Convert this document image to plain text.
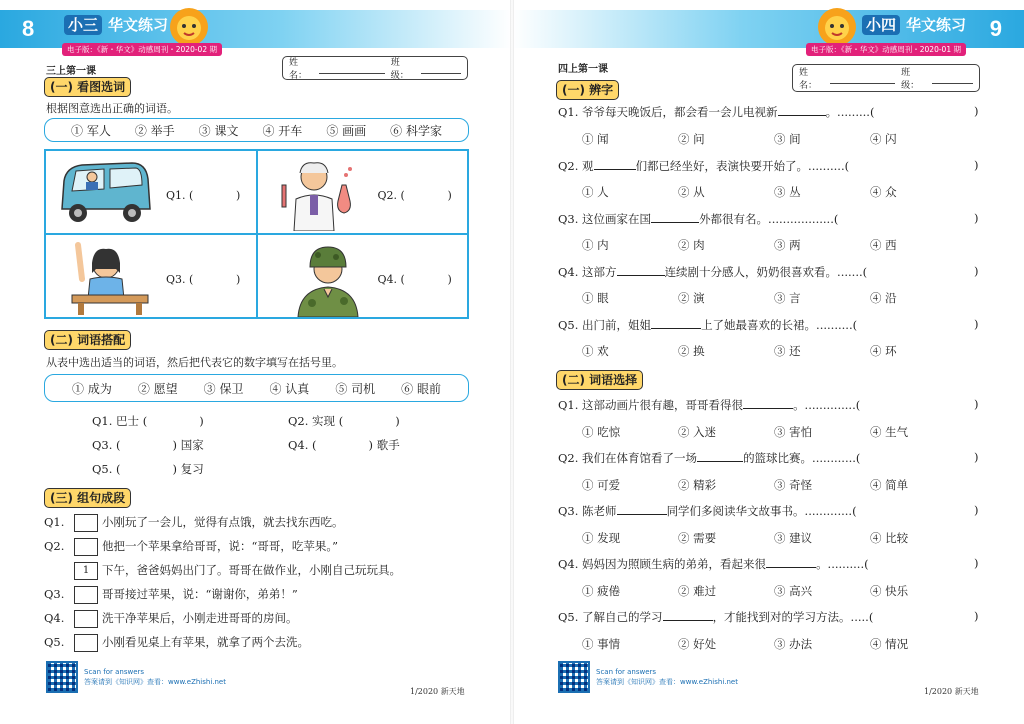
8 小三 华文练习
电子版：《新・华文》动感周刊・2020-02 期
姓名：
班级：
三上第一课
(一) 看图选词
根据图意选出正确的词语。
① 军人 ② 举手 ③ 课文 ④ 开车 ⑤ 画画 ⑥ 科学家
Q1. (	)	Q2. (	)
Q3. (	)	Q4. (	)
(二) 词语搭配
从表中选出适当的词语，然后把代表它的数字填写在括号里。
① 成为 ② 愿望 ③ 保卫 ④ 认真 ⑤ 司机 ⑥ 眼前
Q1. 巴士 (	)	Q2. 实现 (	)
Q3. (	) 国家	Q4. (	) 歌手
Q5. (	) 复习
(三) 组句成段
Q1.	小刚玩了一会儿，觉得有点饿，就去找东西吃。
Q2.	他把一个苹果拿给哥哥，说：“哥哥，吃苹果。”
1 下午，爸爸妈妈出门了。哥哥在做作业，小刚自己玩玩具。
Q3.	哥哥接过苹果，说：“谢谢你，弟弟！”
Q4.	洗干净苹果后，小刚走进哥哥的房间。
Q5.	小刚看见桌上有苹果，就拿了两个去洗。
Scan for answers
答案请到《知识网》查看：www.eZhishi.net
1/2020 新天地
9
小四 华文练习
电子版：《新・华文》动感周刊・2020-01 期
姓名：
班级：
四上第一课
(一) 辨字
Q1. 爷爷每天晚饭后，都会看一会儿电视新	。.........(	)
① 闻	② 问	③ 间	④ 闪
Q2. 观	们都已经坐好，表演快要开始了。..........(	)
① 人	② 从	③ 丛	④ 众
Q3. 这位画家在国	外都很有名。..................(	)
① 内	② 肉	③ 两	④ 西
Q4. 这部方	连续剧十分感人，奶奶很喜欢看。.......(	)
① 眼	② 演	③ 言	④ 沿
Q5. 出门前，姐姐	上了她最喜欢的长裙。..........(	)
① 欢	② 换	③ 还	④ 环
(二) 词语选择
Q1. 这部动画片很有趣，哥哥看得很	。..............(	)
① 吃惊	② 入迷	③ 害怕	④ 生气
Q2. 我们在体育馆看了一场	的篮球比赛。............(	)
① 可爱	② 精彩	③ 奇怪	④ 简单
Q3. 陈老师	同学们多阅读华文故事书。.............(	)
① 发现	② 需要	③ 建议	④ 比较
Q4. 妈妈因为照顾生病的弟弟，看起来很	。..........(	)
① 疲倦	② 难过	③ 高兴	④ 快乐
Q5. 了解自己的学习	，才能找到对的学习方法。.....(	)
① 事情	② 好处	③ 办法	④ 情况
Scan for answers
答案请到《知识网》查看：www.eZhishi.net
1/2020 新天地
